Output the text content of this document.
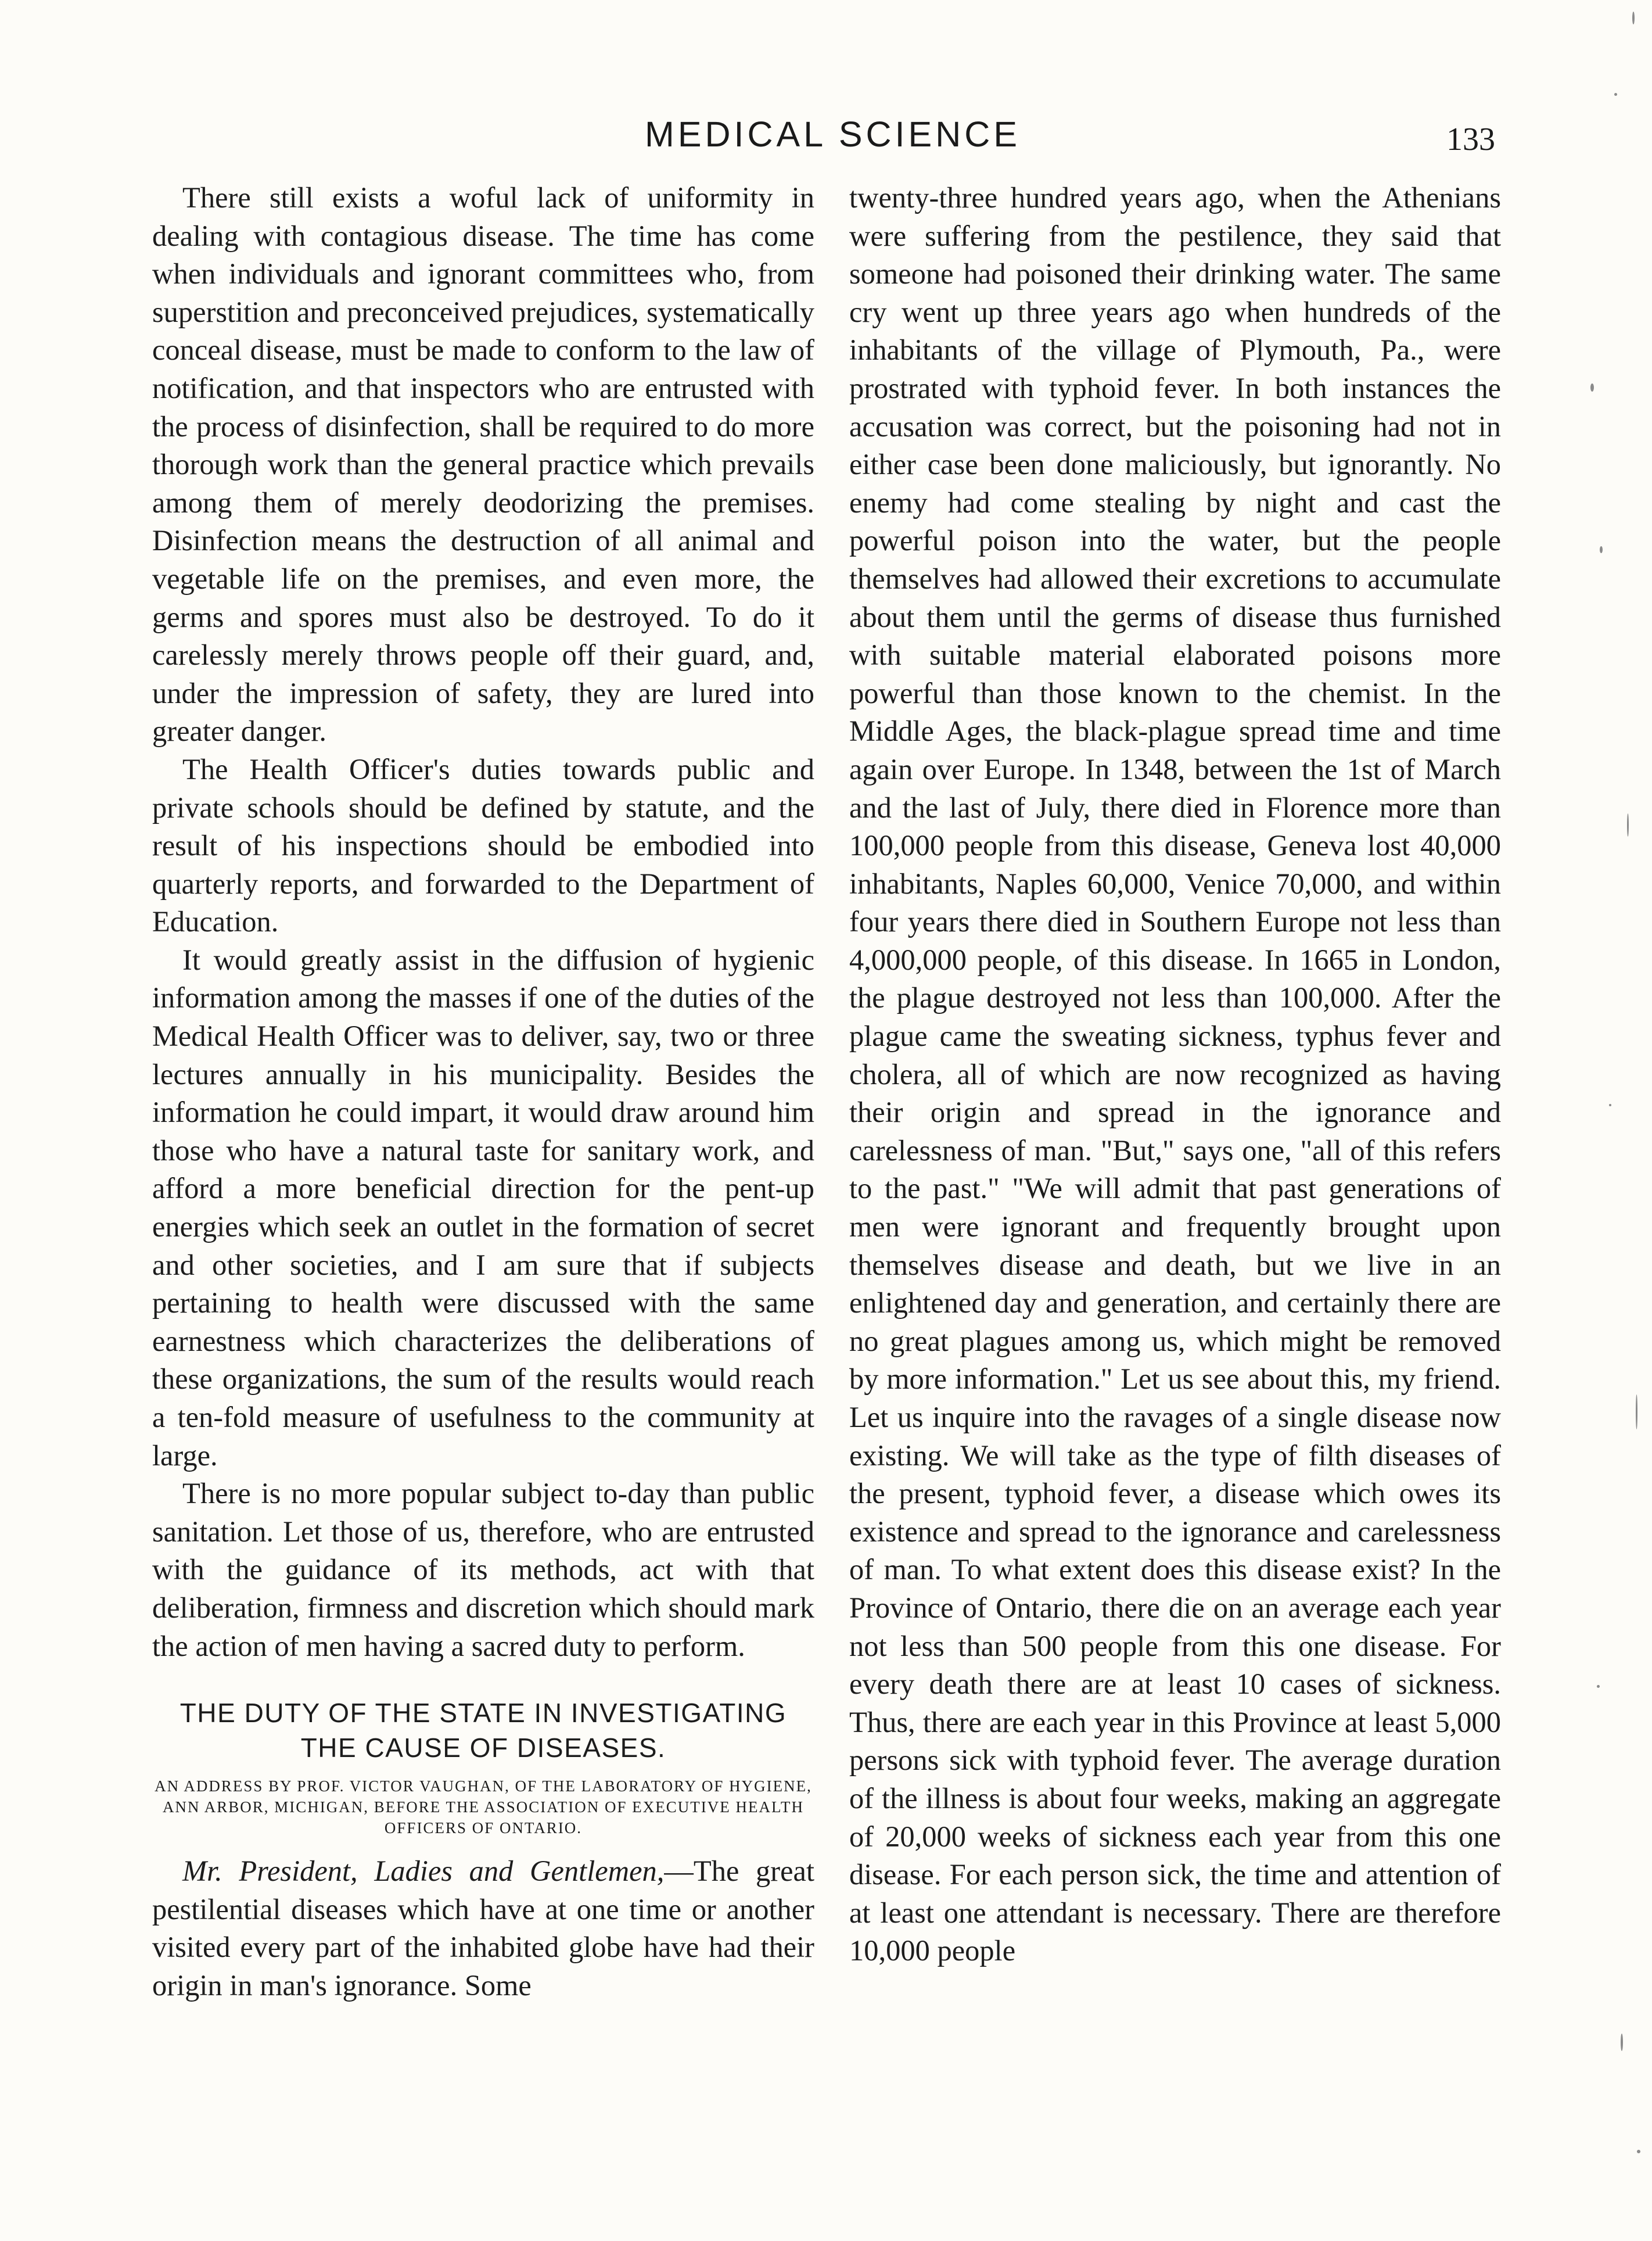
MEDICAL SCIENCE	133

There still exists a woful lack of uniformity in dealing with contagious disease. The time has come when individuals and ignorant committees who, from superstition and preconceived prejudices, systematically conceal disease, must be made to conform to the law of notification, and that inspectors who are entrusted with the process of disinfection, shall be required to do more thorough work than the general practice which prevails among them of merely deodorizing the premises. Disinfection means the destruction of all animal and vegetable life on the premises, and even more, the germs and spores must also be destroyed. To do it carelessly merely throws people off their guard, and, under the impression of safety, they are lured into greater danger.

The Health Officer's duties towards public and private schools should be defined by statute, and the result of his inspections should be embodied into quarterly reports, and forwarded to the Department of Education.

It would greatly assist in the diffusion of hygienic information among the masses if one of the duties of the Medical Health Officer was to deliver, say, two or three lectures annually in his municipality. Besides the information he could impart, it would draw around him those who have a natural taste for sanitary work, and afford a more beneficial direction for the pent-up energies which seek an outlet in the formation of secret and other societies, and I am sure that if subjects pertaining to health were discussed with the same earnestness which characterizes the deliberations of these organizations, the sum of the results would reach a ten-fold measure of usefulness to the community at large.

There is no more popular subject to-day than public sanitation. Let those of us, therefore, who are entrusted with the guidance of its methods, act with that deliberation, firmness and discretion which should mark the action of men having a sacred duty to perform.

THE DUTY OF THE STATE IN INVESTIGATING THE CAUSE OF DISEASES.
AN ADDRESS BY PROF. VICTOR VAUGHAN, OF THE LABORATORY OF HYGIENE, ANN ARBOR, MICHIGAN, BEFORE THE ASSOCIATION OF EXECUTIVE HEALTH OFFICERS OF ONTARIO.

Mr. President, Ladies and Gentlemen,—The great pestilential diseases which have at one time or another visited every part of the inhabited globe have had their origin in man's ignorance. Some

twenty-three hundred years ago, when the Athenians were suffering from the pestilence, they said that someone had poisoned their drinking water. The same cry went up three years ago when hundreds of the inhabitants of the village of Plymouth, Pa., were prostrated with typhoid fever. In both instances the accusation was correct, but the poisoning had not in either case been done maliciously, but ignorantly. No enemy had come stealing by night and cast the powerful poison into the water, but the people themselves had allowed their excretions to accumulate about them until the germs of disease thus furnished with suitable material elaborated poisons more powerful than those known to the chemist. In the Middle Ages, the black-plague spread time and time again over Europe. In 1348, between the 1st of March and the last of July, there died in Florence more than 100,000 people from this disease, Geneva lost 40,000 inhabitants, Naples 60,000, Venice 70,000, and within four years there died in Southern Europe not less than 4,000,000 people, of this disease. In 1665 in London, the plague destroyed not less than 100,000. After the plague came the sweating sickness, typhus fever and cholera, all of which are now recognized as having their origin and spread in the ignorance and carelessness of man. "But," says one, "all of this refers to the past." "We will admit that past generations of men were ignorant and frequently brought upon themselves disease and death, but we live in an enlightened day and generation, and certainly there are no great plagues among us, which might be removed by more information." Let us see about this, my friend. Let us inquire into the ravages of a single disease now existing. We will take as the type of filth diseases of the present, typhoid fever, a disease which owes its existence and spread to the ignorance and carelessness of man. To what extent does this disease exist? In the Province of Ontario, there die on an average each year not less than 500 people from this one disease. For every death there are at least 10 cases of sickness. Thus, there are each year in this Province at least 5,000 persons sick with typhoid fever. The average duration of the illness is about four weeks, making an aggregate of 20,000 weeks of sickness each year from this one disease. For each person sick, the time and attention of at least one attendant is necessary. There are therefore 10,000 people
